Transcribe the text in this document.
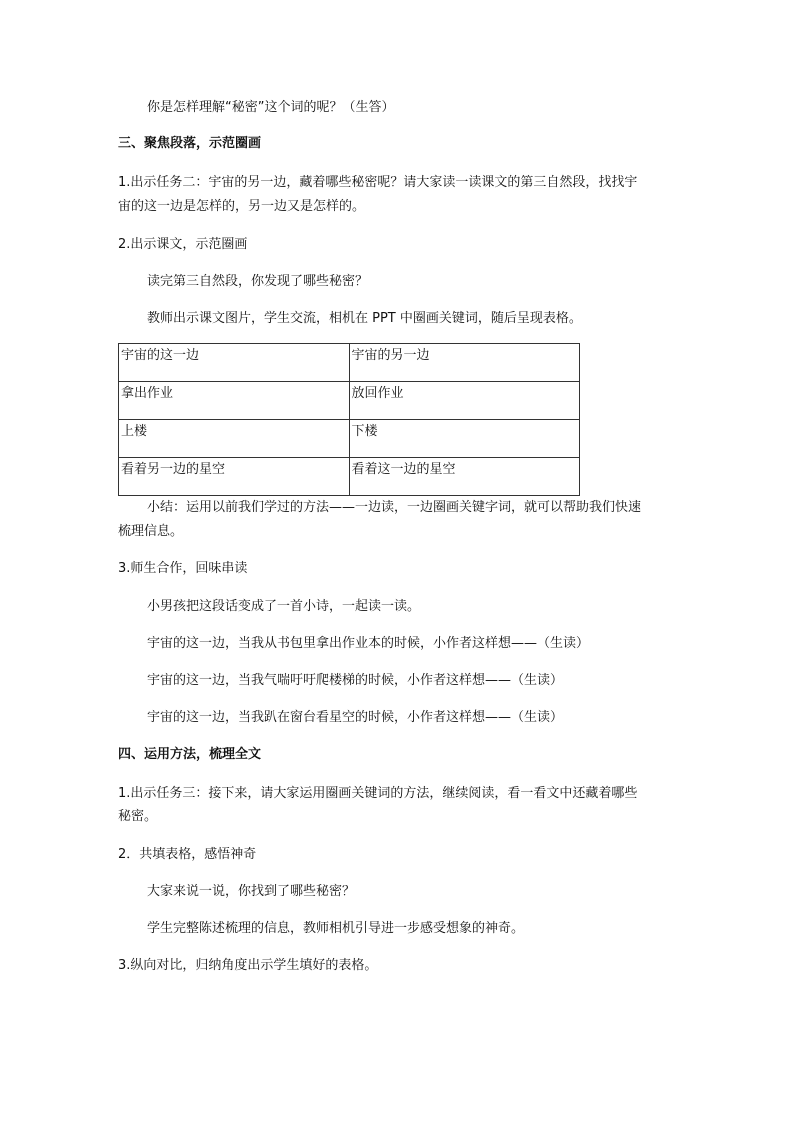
你是怎样理解“秘密”这个词的呢？（生答）
三、聚焦段落，示范圈画
1.出示任务二：宇宙的另一边，藏着哪些秘密呢？请大家读一读课文的第三自然段，找找宇
宙的这一边是怎样的，另一边又是怎样的。
2.出示课文，示范圈画
读完第三自然段，你发现了哪些秘密？
教师出示课文图片，学生交流，相机在 PPT 中圈画关键词，随后呈现表格。
宇宙的这一边	宇宙的另一边
拿出作业	放回作业
上楼	下楼
看着另一边的星空	看着这一边的星空
小结：运用以前我们学过的方法——一边读，一边圈画关键字词，就可以帮助我们快速
梳理信息。
3.师生合作，回味串读
小男孩把这段话变成了一首小诗，一起读一读。
宇宙的这一边，当我从书包里拿出作业本的时候，小作者这样想——（生读）
宇宙的这一边，当我气喘吁吁爬楼梯的时候，小作者这样想——（生读）
宇宙的这一边，当我趴在窗台看星空的时候，小作者这样想——（生读）
四、运用方法，梳理全文
1.出示任务三：接下来，请大家运用圈画关键词的方法，继续阅读，看一看文中还藏着哪些
秘密。
2．共填表格，感悟神奇
大家来说一说，你找到了哪些秘密？
学生完整陈述梳理的信息，教师相机引导进一步感受想象的神奇。
3.纵向对比，归纳角度出示学生填好的表格。
